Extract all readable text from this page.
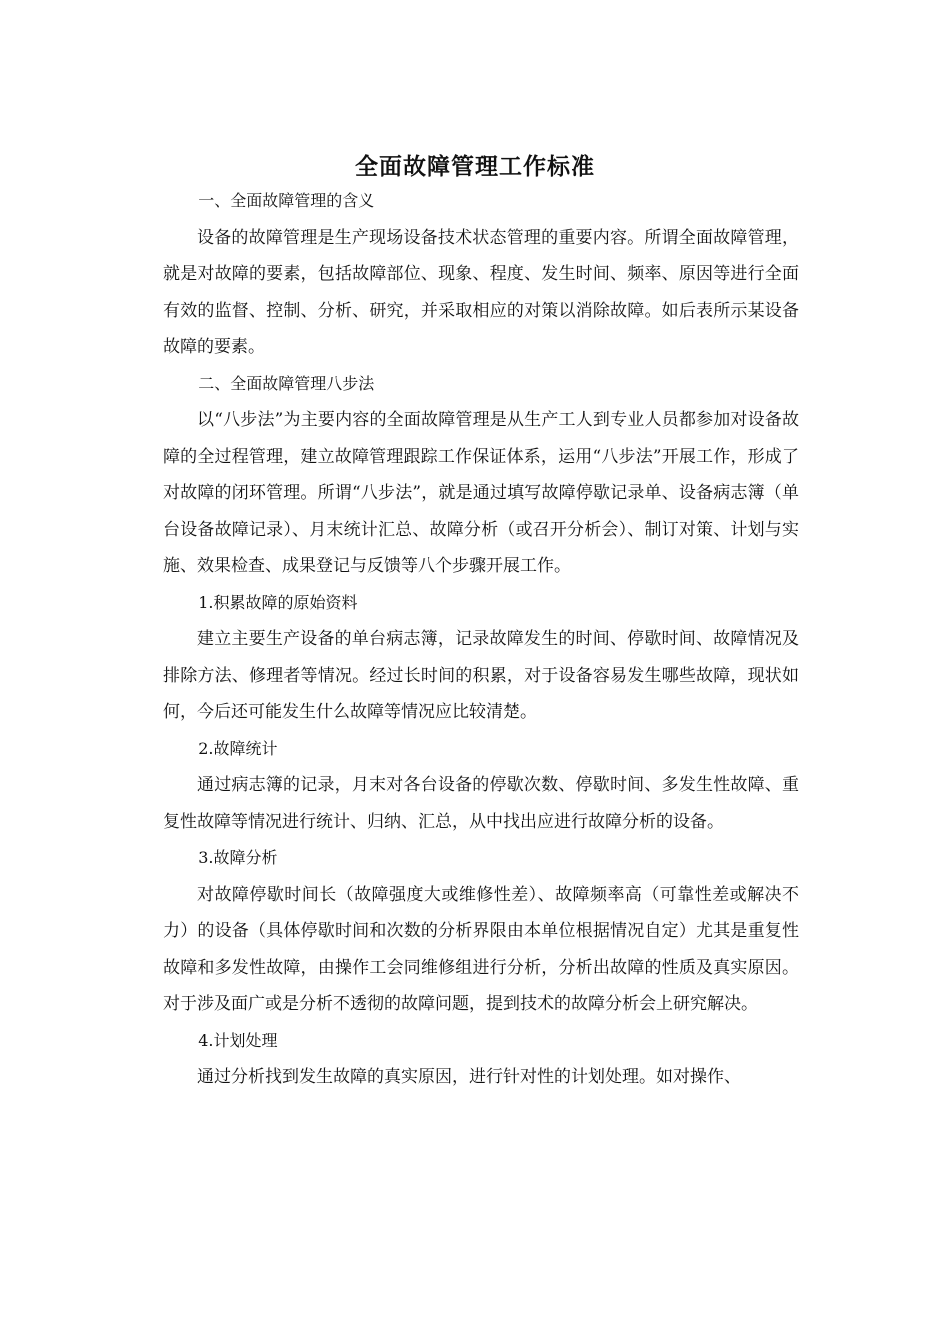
全面故障管理工作标准

一、全面故障管理的含义

设备的故障管理是生产现场设备技术状态管理的重要内容。所谓全面故障管理，就是对故障的要素，包括故障部位、现象、程度、发生时间、频率、原因等进行全面有效的监督、控制、分析、研究，并采取相应的对策以消除故障。如后表所示某设备故障的要素。

二、全面故障管理八步法

以“八步法”为主要内容的全面故障管理是从生产工人到专业人员都参加对设备故障的全过程管理，建立故障管理跟踪工作保证体系，运用“八步法”开展工作，形成了对故障的闭环管理。所谓“八步法”，就是通过填写故障停歇记录单、设备病志簿（单台设备故障记录）、月末统计汇总、故障分析（或召开分析会）、制订对策、计划与实施、效果检查、成果登记与反馈等八个步骤开展工作。

1.积累故障的原始资料

建立主要生产设备的单台病志簿，记录故障发生的时间、停歇时间、故障情况及排除方法、修理者等情况。经过长时间的积累，对于设备容易发生哪些故障，现状如何，今后还可能发生什么故障等情况应比较清楚。

2.故障统计

通过病志簿的记录，月末对各台设备的停歇次数、停歇时间、多发生性故障、重复性故障等情况进行统计、归纳、汇总，从中找出应进行故障分析的设备。

3.故障分析

对故障停歇时间长（故障强度大或维修性差）、故障频率高（可靠性差或解决不力）的设备（具体停歇时间和次数的分析界限由本单位根据情况自定）尤其是重复性故障和多发性故障，由操作工会同维修组进行分析，分析出故障的性质及真实原因。对于涉及面广或是分析不透彻的故障问题，提到技术的故障分析会上研究解决。

4.计划处理

通过分析找到发生故障的真实原因，进行针对性的计划处理。如对操作、
